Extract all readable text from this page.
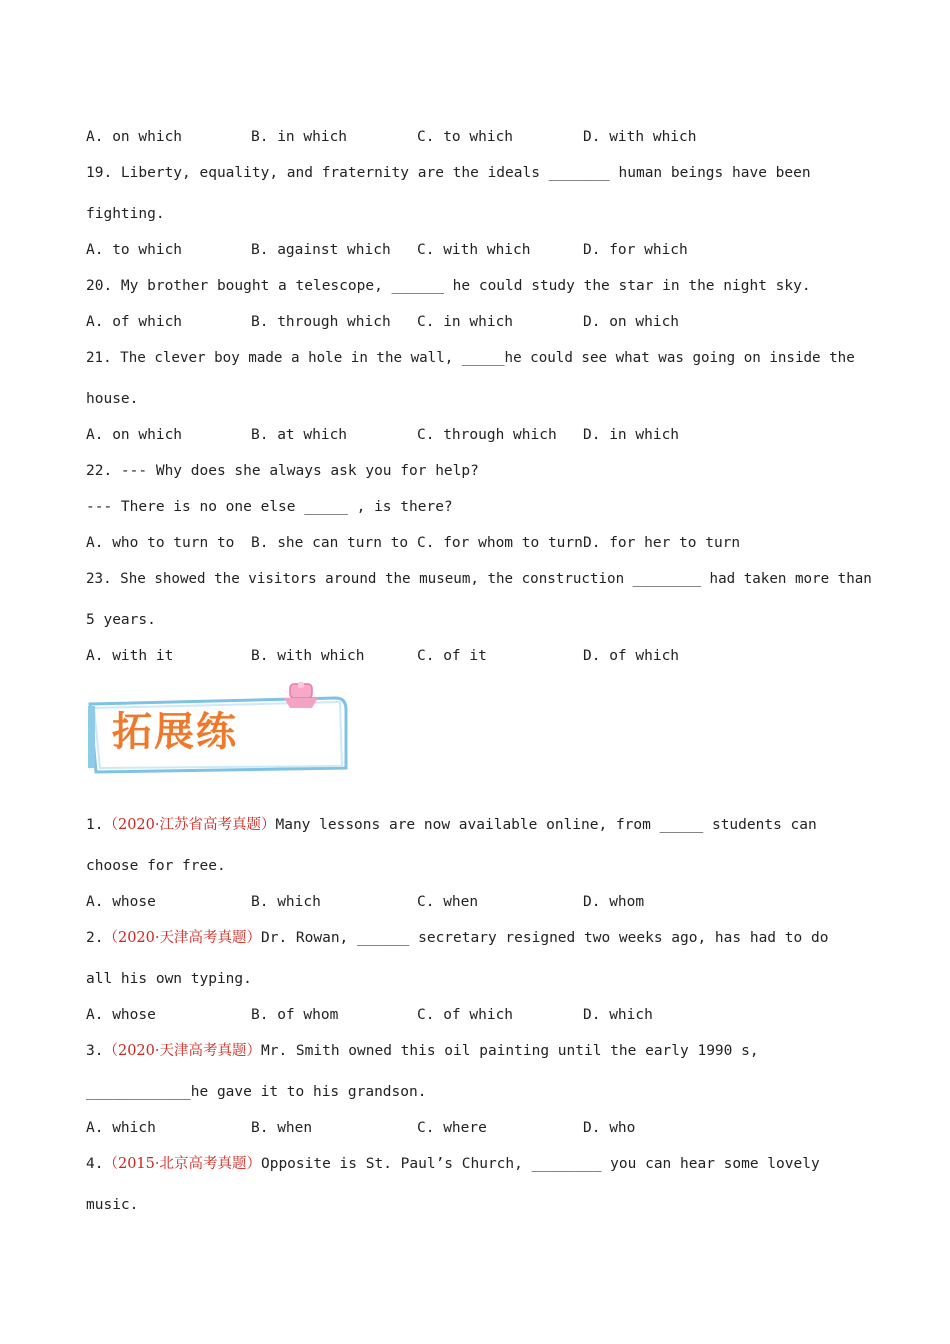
A. on which	B. in which	C. to which	D. with which
19. Liberty, equality, and fraternity are the ideals _______ human beings have been
fighting.
A. to which	B. against which C. with which	D. for which
20. My brother bought a telescope, ______ he could study the star in the night sky.
A. of which	B. through which C. in which	D. on which
21. The clever boy made a hole in the wall, _____he could see what was going on inside the
house.
A. on which	B. at which	C. through which D. in which
22. --- Why does she always ask you for help?
--- There is no one else _____ , is there?
A. who to turn to B. she can turn to C. for whom to turn D. for her to turn
23. She showed the visitors around the museum, the construction ________ had taken more than
5 years.
A. with it	B. with which	C. of it	D. of which
拓展练
1.（2020·江苏省高考真题）Many lessons are now available online, from _____ students can
choose for free.
A. whose	B. which	C. when	D. whom
2.（2020·天津高考真题）Dr. Rowan, ______ secretary resigned two weeks ago, has had to do
all his own typing.
A. whose	B. of whom	C. of which	D. which
3.（2020·天津高考真题）Mr. Smith owned this oil painting until the early 1990 s,
____________he gave it to his grandson.
A. which	B. when	C. where	D. who
4.（2015·北京高考真题）Opposite is St. Paul’s Church, ________ you can hear some lovely
music.
